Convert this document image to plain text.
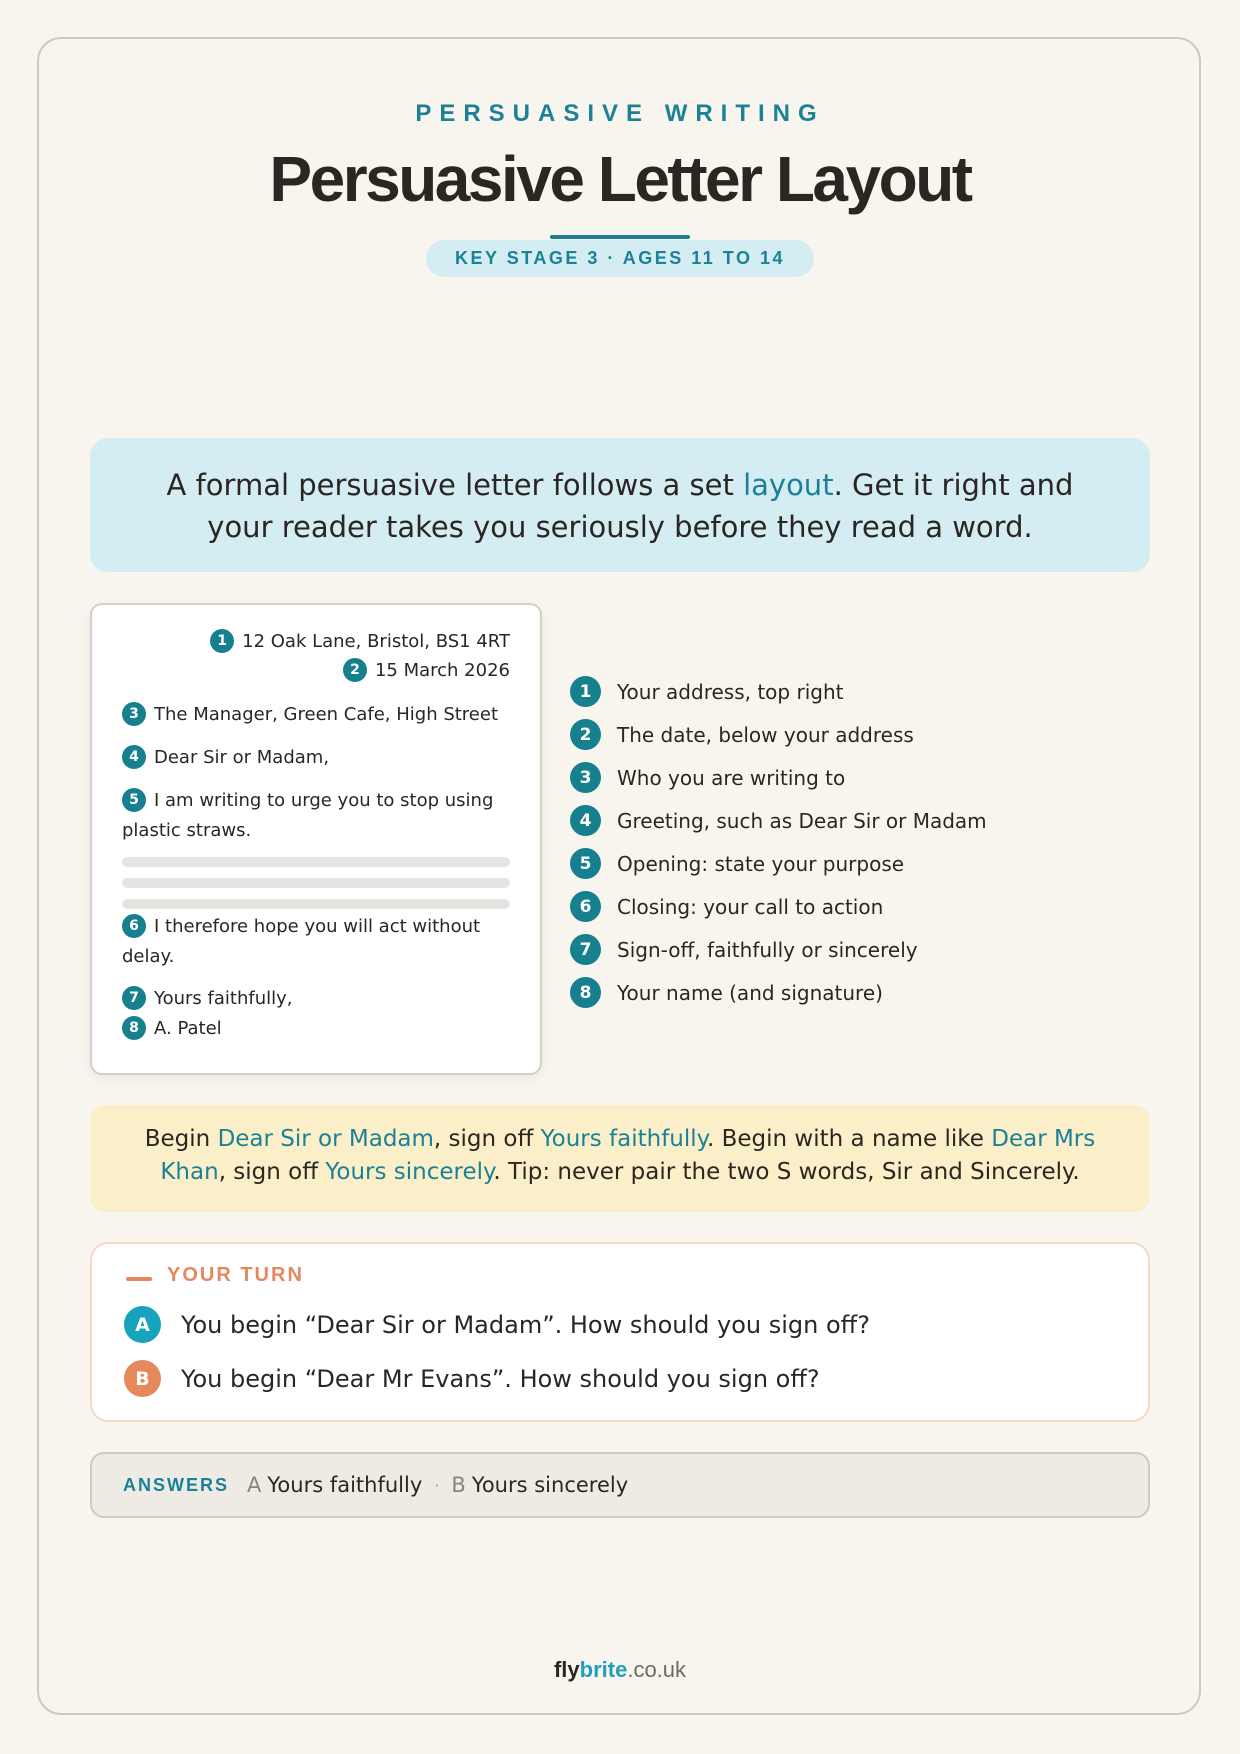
PERSUASIVE WRITING
Persuasive Letter Layout
KEY STAGE 3 · AGES 11 TO 14
A formal persuasive letter follows a set layout. Get it right and your reader takes you seriously before they read a word.
1 12 Oak Lane, Bristol, BS1 4RT
2 15 March 2026
3 The Manager, Green Cafe, High Street
4 Dear Sir or Madam,
5 I am writing to urge you to stop using plastic straws.
6 I therefore hope you will act without delay.
7 Yours faithfully,
8 A. Patel
1	Your address, top right
2	The date, below your address
3	Who you are writing to
4	Greeting, such as Dear Sir or Madam
5	Opening: state your purpose
6	Closing: your call to action
7	Sign-off, faithfully or sincerely
8	Your name (and signature)
Begin Dear Sir or Madam, sign off Yours faithfully. Begin with a name like Dear Mrs Khan, sign off Yours sincerely. Tip: never pair the two S words, Sir and Sincerely.
YOUR TURN
A	You begin “Dear Sir or Madam”. How should you sign off?
B	You begin “Dear Mr Evans”. How should you sign off?
ANSWERS A Yours faithfully · B Yours sincerely
flybrite.co.uk
